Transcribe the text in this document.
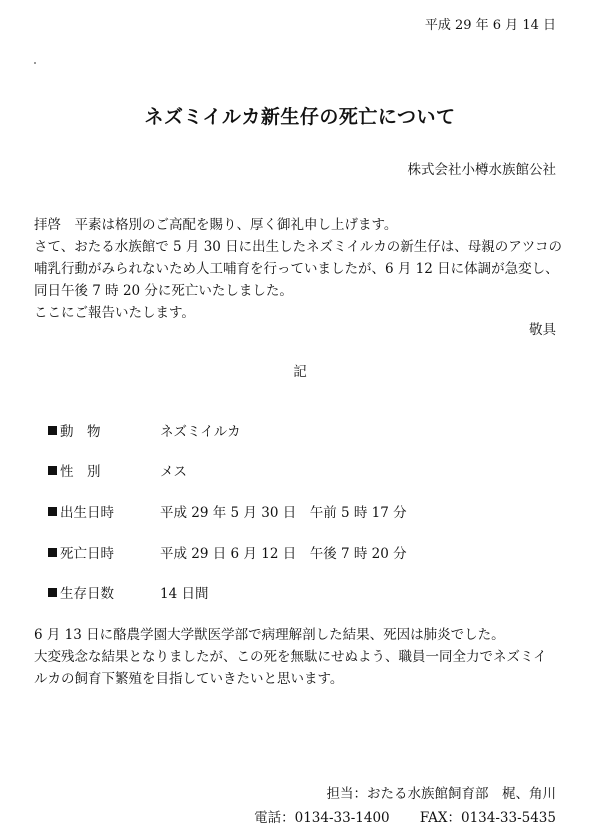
平成 29 年 6 月 14 日
ネズミイルカ新生仔の死亡について
株式会社小樽水族館公社

拝啓　平素は格別のご高配を賜り、厚く御礼申し上げます。

さて、おたる水族館で 5 月 30 日に出生したネズミイルカの新生仔は、母親のアツコの

哺乳行動がみられないため人工哺育を行っていましたが、6 月 12 日に体調が急変し、

同日午後 7 時 20 分に死亡いたしました。

ここにご報告いたします。

敬具
記
動　物	ネズミイルカ
性　別	メス
出生日時	平成 29 年 5 月 30 日　午前 5 時 17 分
死亡日時	平成 29 日 6 月 12 日　午後 7 時 20 分
生存日数	14 日間

6 月 13 日に酪農学園大学獣医学部で病理解剖した結果、死因は肺炎でした。

大変残念な結果となりましたが、この死を無駄にせぬよう、職員一同全力でネズミイ

ルカの飼育下繁殖を目指していきたいと思います。

担当：おたる水族館飼育部　梶、角川
電話：0134-33-1400 FAX：0134-33-5435
